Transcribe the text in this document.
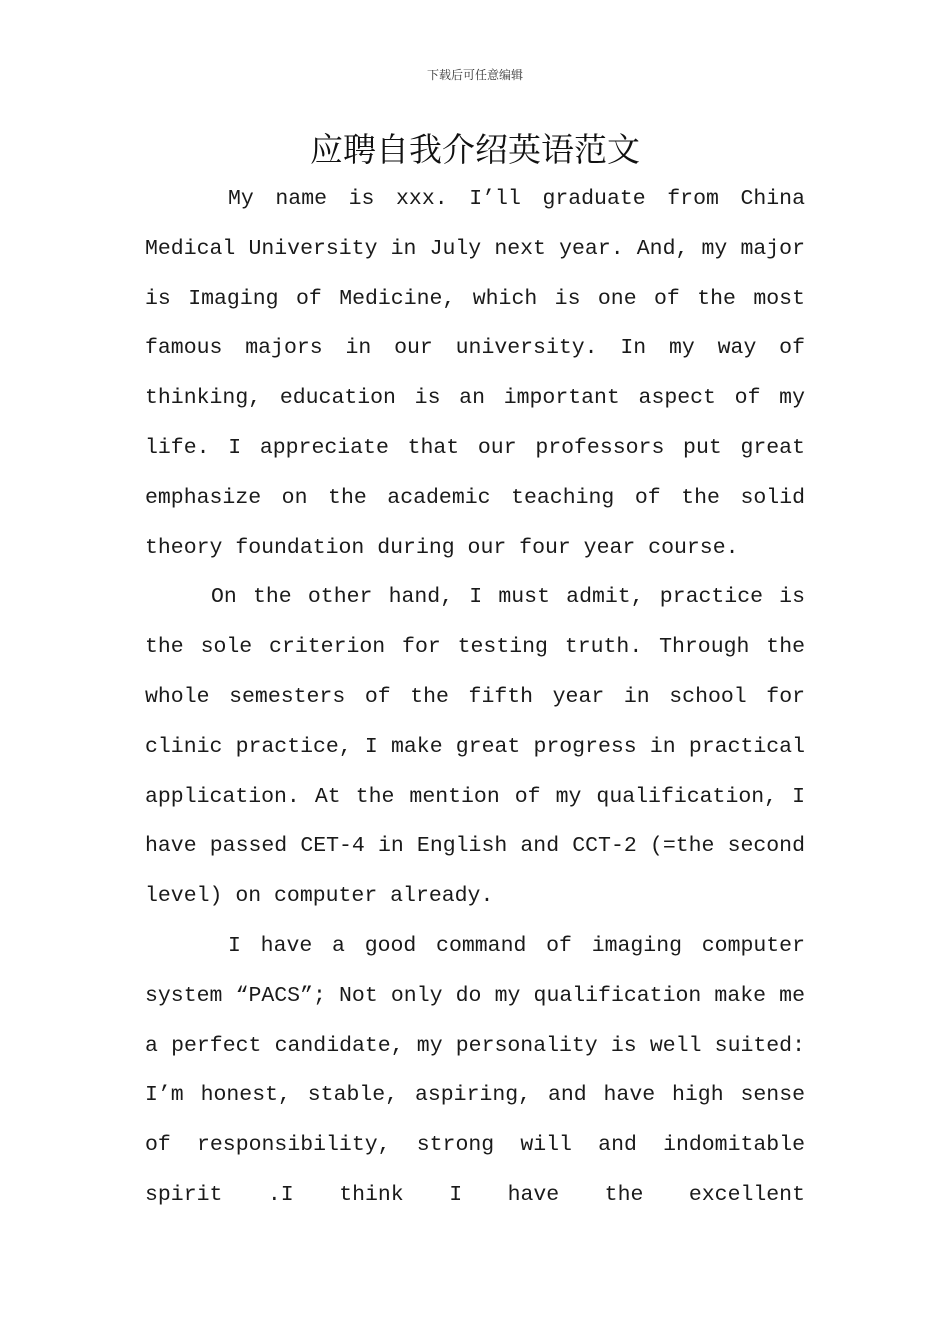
下载后可任意编辑
应聘自我介绍英语范文

My name is xxx. I’ll graduate from China Medical University in July next year. And, my major is Imaging of Medicine, which is one of the most famous majors in our university. In my way of thinking, education is an important aspect of my life. I appreciate that our professors put great emphasize on the academic teaching of the solid theory foundation during our four year course.

On the other hand, I must admit, practice is the sole criterion for testing truth. Through the whole semesters of the fifth year in school for clinic practice, I make great progress in practical application. At the mention of my qualification, I have passed CET-4 in English and CCT-2 (=the second level) on computer already.

I have a good command of imaging computer system “PACS”; Not only do my qualification make me a perfect candidate, my personality is well suited: I’m honest, stable, aspiring, and have high sense of responsibility, strong will and indomitable spirit .I think I have the excellent
